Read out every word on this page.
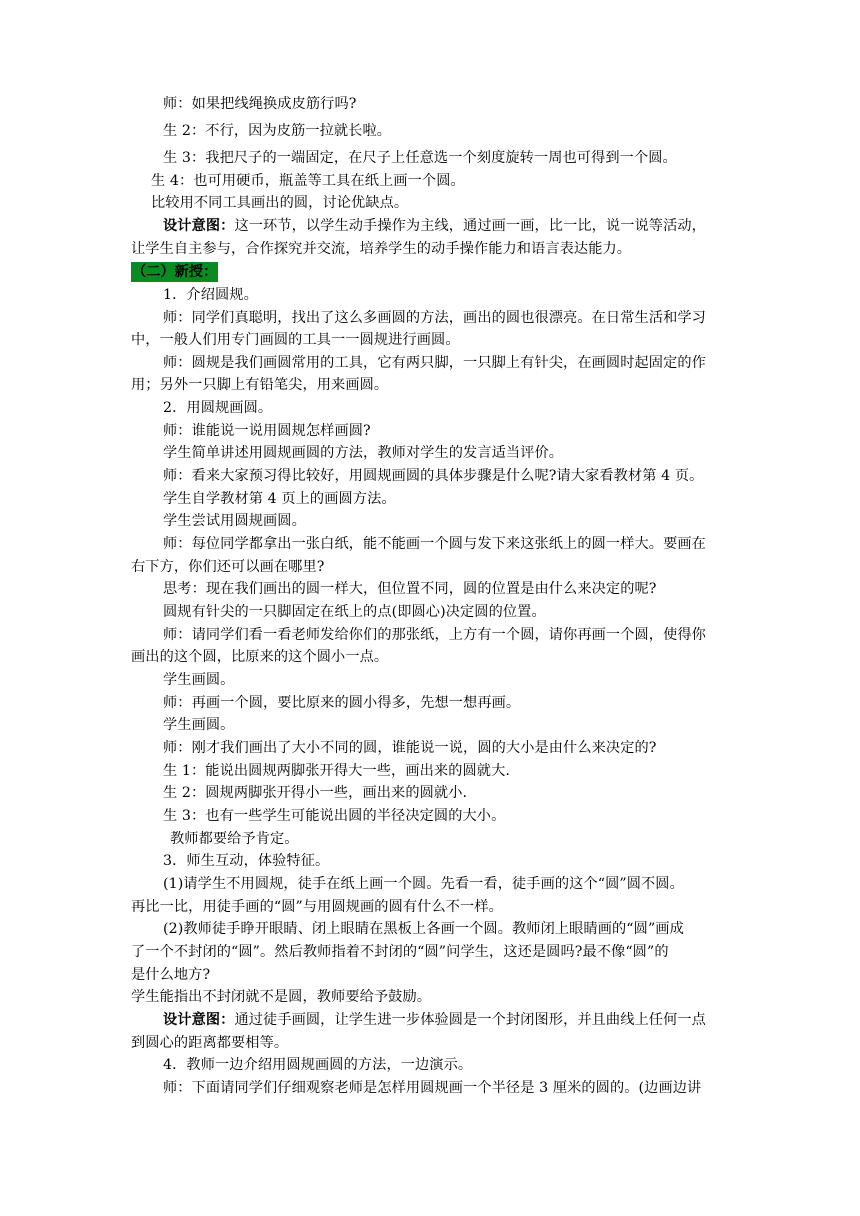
师：如果把线绳换成皮筋行吗?
生 2：不行，因为皮筋一拉就长啦。
生 3：我把尺子的一端固定，在尺子上任意选一个刻度旋转一周也可得到一个圆。
生 4：也可用硬币，瓶盖等工具在纸上画一个圆。
比较用不同工具画出的圆，讨论优缺点。
设计意图：这一环节，以学生动手操作为主线，通过画一画，比一比，说一说等活动，
让学生自主参与，合作探究并交流，培养学生的动手操作能力和语言表达能力。
1．介绍圆规。
师：同学们真聪明，找出了这么多画圆的方法，画出的圆也很漂亮。在日常生活和学习
中，一般人们用专门画圆的工具一一圆规进行画圆。
师：圆规是我们画圆常用的工具，它有两只脚，一只脚上有针尖，在画圆时起固定的作
用；另外一只脚上有铅笔尖，用来画圆。
2．用圆规画圆。
师：谁能说一说用圆规怎样画圆?
学生简单讲述用圆规画圆的方法，教师对学生的发言适当评价。
师：看来大家预习得比较好，用圆规画圆的具体步骤是什么呢?请大家看教材第 4 页。
学生自学教材第 4 页上的画圆方法。
学生尝试用圆规画圆。
师：每位同学都拿出一张白纸，能不能画一个圆与发下来这张纸上的圆一样大。要画在
右下方，你们还可以画在哪里?
思考：现在我们画出的圆一样大，但位置不同，圆的位置是由什么来决定的呢?
圆规有针尖的一只脚固定在纸上的点(即圆心)决定圆的位置。
师：请同学们看一看老师发给你们的那张纸，上方有一个圆，请你再画一个圆，使得你
画出的这个圆，比原来的这个圆小一点。
学生画圆。
师：再画一个圆，要比原来的圆小得多，先想一想再画。
学生画圆。
师：刚才我们画出了大小不同的圆，谁能说一说，圆的大小是由什么来决定的?
生 1：能说出圆规两脚张开得大一些，画出来的圆就大.
生 2：圆规两脚张开得小一些，画出来的圆就小.
生 3：也有一些学生可能说出圆的半径决定圆的大小。
教师都要给予肯定。
3．师生互动，体验特征。
(1)请学生不用圆规，徒手在纸上画一个圆。先看一看，徒手画的这个“圆”圆不圆。
再比一比，用徒手画的“圆”与用圆规画的圆有什么不一样。
(2)教师徒手睁开眼睛、闭上眼睛在黑板上各画一个圆。教师闭上眼睛画的“圆”画成
了一个不封闭的“圆”。然后教师指着不封闭的“圆”问学生，这还是圆吗?最不像“圆”的
是什么地方?
学生能指出不封闭就不是圆，教师要给予鼓励。
设计意图：通过徒手画圆，让学生进一步体验圆是一个封闭图形，并且曲线上任何一点
到圆心的距离都要相等。
4．教师一边介绍用圆规画圆的方法，一边演示。
师：下面请同学们仔细观察老师是怎样用圆规画一个半径是 3 厘米的圆的。(边画边讲
（二）新授：
